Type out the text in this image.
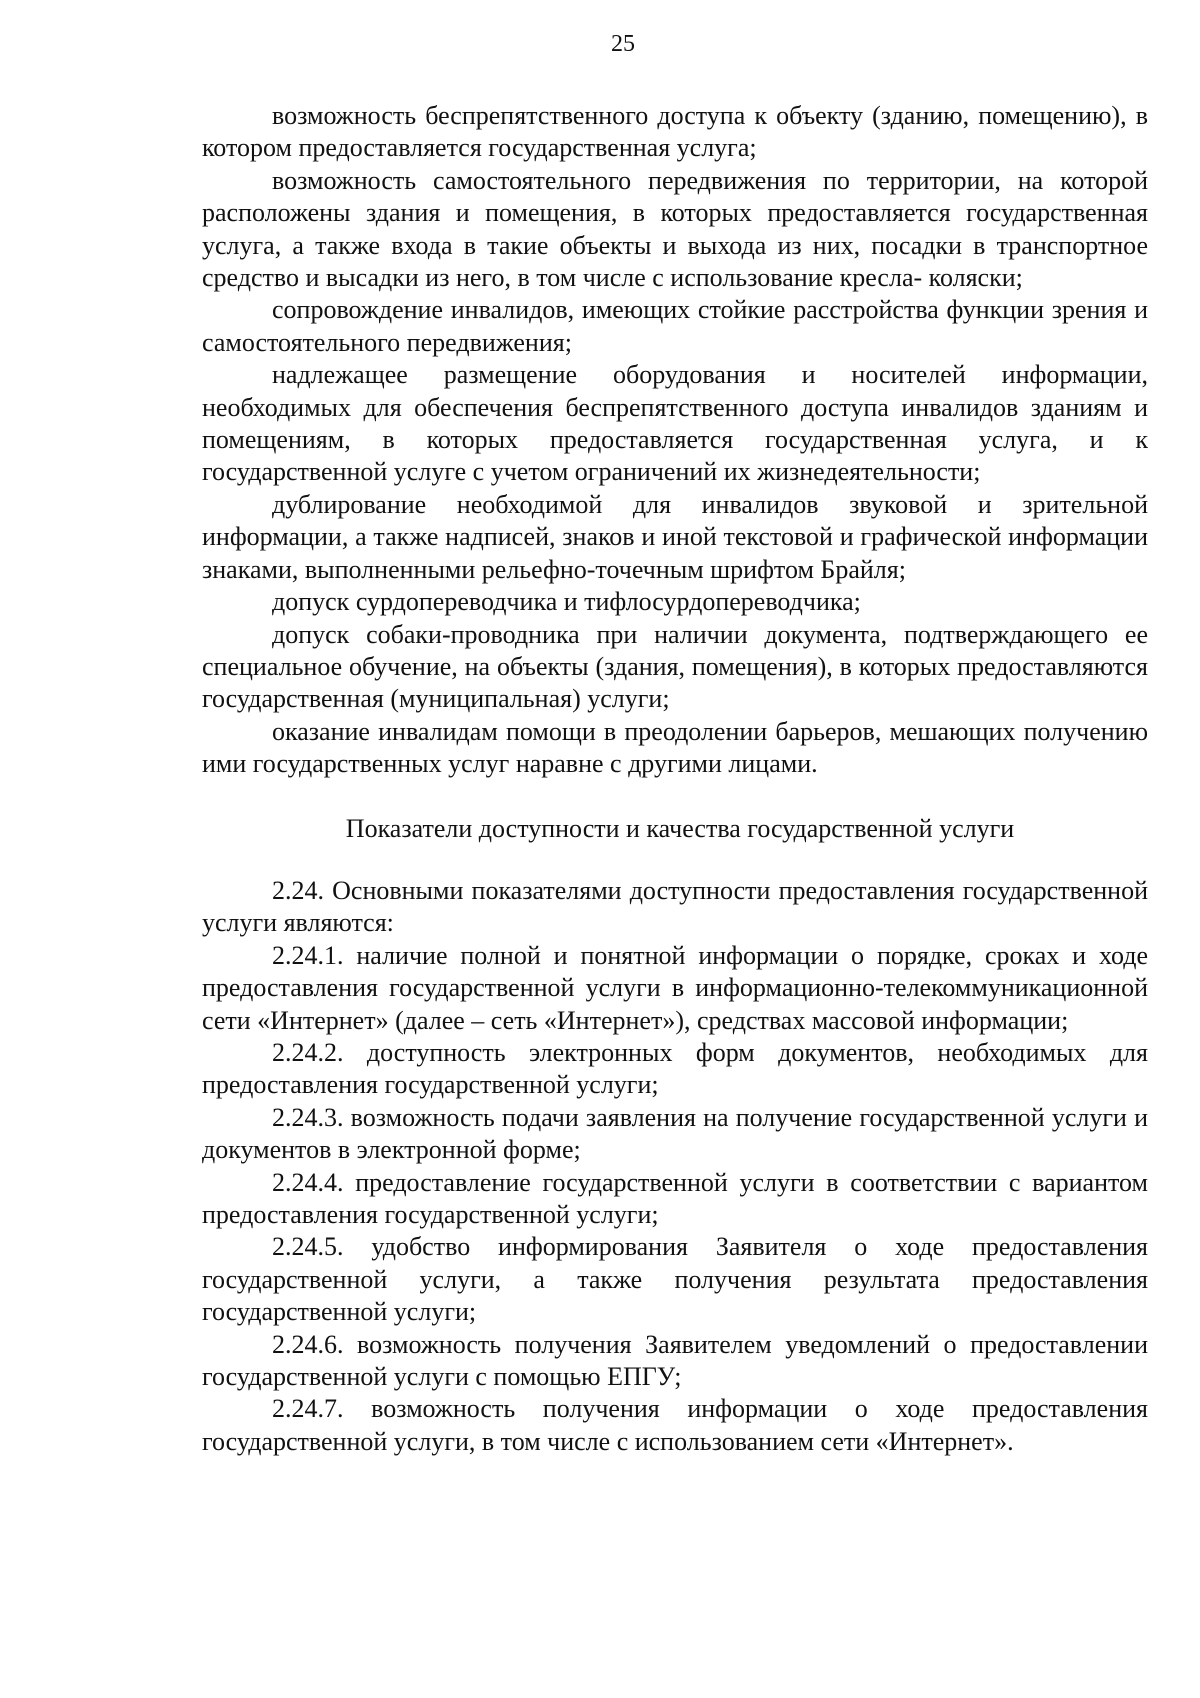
25

возможность беспрепятственного доступа к объекту (зданию, помещению), в котором предоставляется государственная услуга;

возможность самостоятельного передвижения по территории, на которой расположены здания и помещения, в которых предоставляется государственная услуга, а также входа в такие объекты и выхода из них, посадки в транспортное средство и высадки из него, в том числе с использование кресла- коляски;

сопровождение инвалидов, имеющих стойкие расстройства функции зрения и самостоятельного передвижения;

надлежащее размещение оборудования и носителей информации, необходимых для обеспечения беспрепятственного доступа инвалидов зданиям и помещениям, в которых предоставляется государственная услуга, и к государственной услуге с учетом ограничений их жизнедеятельности;

дублирование необходимой для инвалидов звуковой и зрительной информации, а также надписей, знаков и иной текстовой и графической информации знаками, выполненными рельефно-точечным шрифтом Брайля;

допуск сурдопереводчика и тифлосурдопереводчика;

допуск собаки-проводника при наличии документа, подтверждающего ее специальное обучение, на объекты (здания, помещения), в которых предоставляются государственная (муниципальная) услуги;

оказание инвалидам помощи в преодолении барьеров, мешающих получению ими государственных услуг наравне с другими лицами.

Показатели доступности и качества государственной услуги

2.24. Основными показателями доступности предоставления государственной услуги являются:

2.24.1. наличие полной и понятной информации о порядке, сроках и ходе предоставления государственной услуги в информационно-телекоммуникационной сети «Интернет» (далее – сеть «Интернет»), средствах массовой информации;

2.24.2. доступность электронных форм документов, необходимых для предоставления государственной услуги;

2.24.3. возможность подачи заявления на получение государственной услуги и документов в электронной форме;

2.24.4. предоставление государственной услуги в соответствии с вариантом предоставления государственной услуги;

2.24.5. удобство информирования Заявителя о ходе предоставления государственной услуги, а также получения результата предоставления государственной услуги;

2.24.6. возможность получения Заявителем уведомлений о предоставлении государственной услуги с помощью ЕПГУ;

2.24.7. возможность получения информации о ходе предоставления государственной услуги, в том числе с использованием сети «Интернет».
